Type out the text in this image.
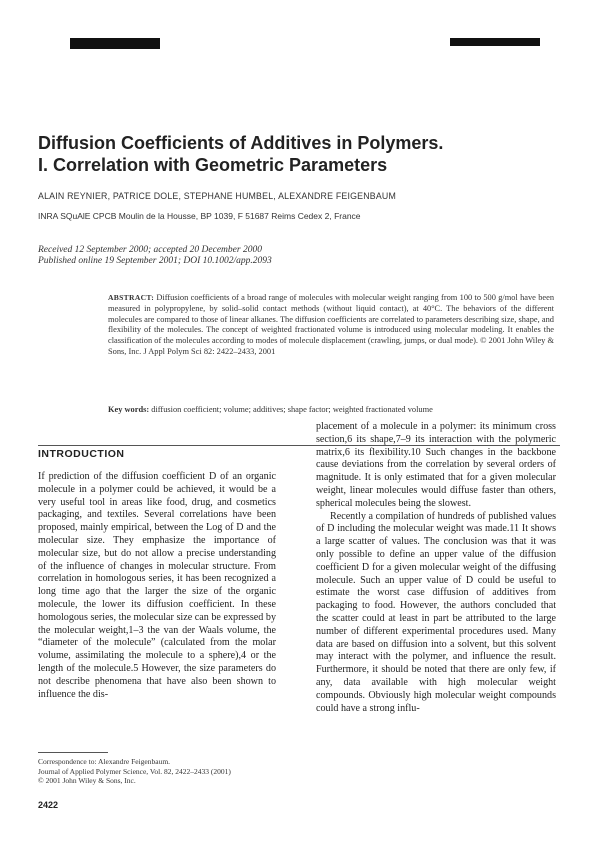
Diffusion Coefficients of Additives in Polymers.
I. Correlation with Geometric Parameters
ALAIN REYNIER, PATRICE DOLE, STEPHANE HUMBEL, ALEXANDRE FEIGENBAUM
INRA SQuAlE CPCB Moulin de la Housse, BP 1039, F 51687 Reims Cedex 2, France
Received 12 September 2000; accepted 20 December 2000
Published online 19 September 2001; DOI 10.1002/app.2093
ABSTRACT: Diffusion coefficients of a broad range of molecules with molecular weight ranging from 100 to 500 g/mol have been measured in polypropylene, by solid–solid contact methods (without liquid contact), at 40°C. The behaviors of the different molecules are compared to those of linear alkanes. The diffusion coefficients are correlated to parameters describing size, shape, and flexibility of the molecules. The concept of weighted fractionated volume is introduced using molecular modeling. It enables the classification of the molecules according to modes of molecule displacement (crawling, jumps, or dual mode). © 2001 John Wiley & Sons, Inc. J Appl Polym Sci 82: 2422–2433, 2001
Key words: diffusion coefficient; volume; additives; shape factor; weighted fractionated volume
INTRODUCTION

If prediction of the diffusion coefficient D of an organic molecule in a polymer could be achieved, it would be a very useful tool in areas like food, drug, and cosmetics packaging, and textiles. Several correlations have been proposed, mainly empirical, between the Log of D and the molecular size. They emphasize the importance of molecular size, but do not allow a precise understanding of the influence of changes in molecular structure. From correlation in homologous series, it has been recognized a long time ago that the larger the size of the organic molecule, the lower its diffusion coefficient. In these homologous series, the molecular size can be expressed by the molecular weight,1–3 the van der Waals volume, the “diameter of the molecule” (calculated from the molar volume, assimilating the molecule to a sphere),4 or the length of the molecule.5 However, the size parameters do not describe phenomena that have also been shown to influence the dis-

placement of a molecule in a polymer: its minimum cross section,6 its shape,7–9 its interaction with the polymeric matrix,6 its flexibility.10 Such changes in the backbone cause deviations from the correlation by several orders of magnitude. It is only estimated that for a given molecular weight, linear molecules would diffuse faster than others, spherical molecules being the slowest.

Recently a compilation of hundreds of published values of D including the molecular weight was made.11 It shows a large scatter of values. The conclusion was that it was only possible to define an upper value of the diffusion coefficient D for a given molecular weight of the diffusing molecule. Such an upper value of D could be useful to estimate the worst case diffusion of additives from packaging to food. However, the authors concluded that the scatter could at least in part be attributed to the large number of different experimental procedures used. Many data are based on diffusion into a solvent, but this solvent may interact with the polymer, and influence the result. Furthermore, it should be noted that there are only few, if any, data available with high molecular weight compounds. Obviously high molecular weight compounds could have a strong influ-

Correspondence to: Alexandre Feigenbaum.
Journal of Applied Polymer Science, Vol. 82, 2422–2433 (2001)
© 2001 John Wiley & Sons, Inc.
2422
